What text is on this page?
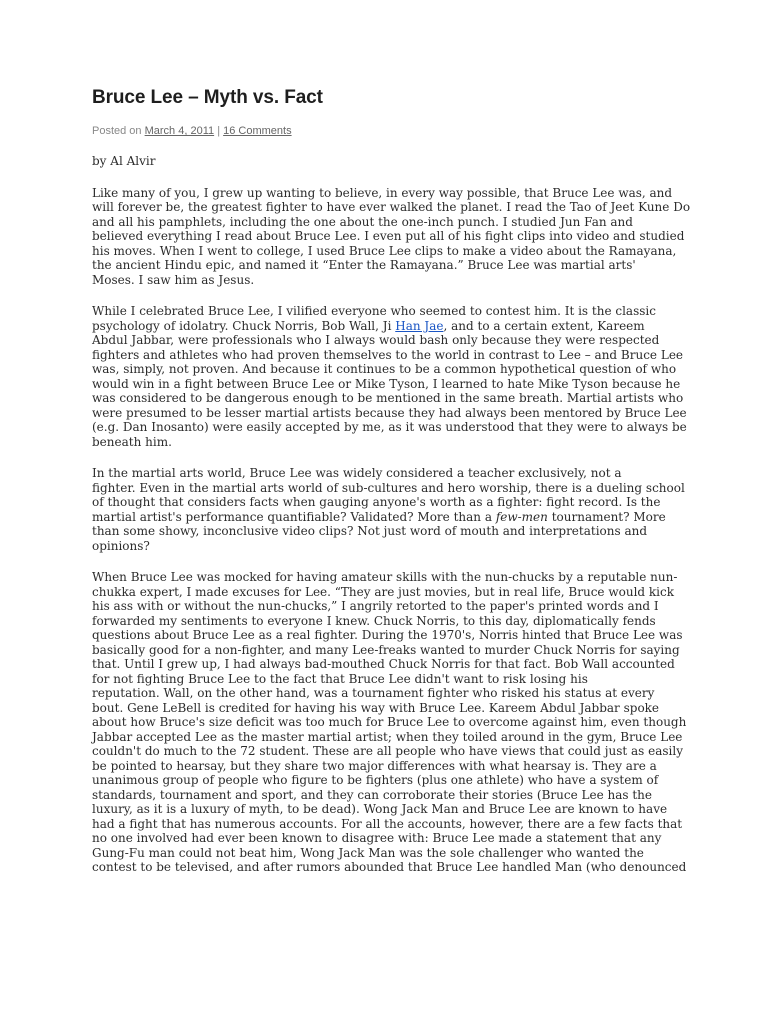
Bruce Lee – Myth vs. Fact
Posted on March 4, 2011 | 16 Comments
by Al Alvir

Like many of you, I grew up wanting to believe, in every way possible, that Bruce Lee was, and
will forever be, the greatest fighter to have ever walked the planet. I read the Tao of Jeet Kune Do
and all his pamphlets, including the one about the one-inch punch. I studied Jun Fan and
believed everything I read about Bruce Lee. I even put all of his fight clips into video and studied
his moves. When I went to college, I used Bruce Lee clips to make a video about the Ramayana,
the ancient Hindu epic, and named it “Enter the Ramayana.” Bruce Lee was martial arts'
Moses. I saw him as Jesus.

While I celebrated Bruce Lee, I vilified everyone who seemed to contest him. It is the classic
psychology of idolatry. Chuck Norris, Bob Wall, Ji Han Jae, and to a certain extent, Kareem
Abdul Jabbar, were professionals who I always would bash only because they were respected
fighters and athletes who had proven themselves to the world in contrast to Lee – and Bruce Lee
was, simply, not proven. And because it continues to be a common hypothetical question of who
would win in a fight between Bruce Lee or Mike Tyson, I learned to hate Mike Tyson because he
was considered to be dangerous enough to be mentioned in the same breath. Martial artists who
were presumed to be lesser martial artists because they had always been mentored by Bruce Lee
(e.g. Dan Inosanto) were easily accepted by me, as it was understood that they were to always be
beneath him.

In the martial arts world, Bruce Lee was widely considered a teacher exclusively, not a
fighter. Even in the martial arts world of sub-cultures and hero worship, there is a dueling school
of thought that considers facts when gauging anyone's worth as a fighter: fight record. Is the
martial artist's performance quantifiable? Validated? More than a few-men tournament? More
than some showy, inconclusive video clips? Not just word of mouth and interpretations and
opinions?

When Bruce Lee was mocked for having amateur skills with the nun-chucks by a reputable nun-
chukka expert, I made excuses for Lee. “They are just movies, but in real life, Bruce would kick
his ass with or without the nun-chucks,” I angrily retorted to the paper's printed words and I
forwarded my sentiments to everyone I knew. Chuck Norris, to this day, diplomatically fends
questions about Bruce Lee as a real fighter. During the 1970's, Norris hinted that Bruce Lee was
basically good for a non-fighter, and many Lee-freaks wanted to murder Chuck Norris for saying
that. Until I grew up, I had always bad-mouthed Chuck Norris for that fact. Bob Wall accounted
for not fighting Bruce Lee to the fact that Bruce Lee didn't want to risk losing his
reputation. Wall, on the other hand, was a tournament fighter who risked his status at every
bout. Gene LeBell is credited for having his way with Bruce Lee. Kareem Abdul Jabbar spoke
about how Bruce's size deficit was too much for Bruce Lee to overcome against him, even though
Jabbar accepted Lee as the master martial artist; when they toiled around in the gym, Bruce Lee
couldn't do much to the 72 student. These are all people who have views that could just as easily
be pointed to hearsay, but they share two major differences with what hearsay is. They are a
unanimous group of people who figure to be fighters (plus one athlete) who have a system of
standards, tournament and sport, and they can corroborate their stories (Bruce Lee has the
luxury, as it is a luxury of myth, to be dead). Wong Jack Man and Bruce Lee are known to have
had a fight that has numerous accounts. For all the accounts, however, there are a few facts that
no one involved had ever been known to disagree with: Bruce Lee made a statement that any
Gung-Fu man could not beat him, Wong Jack Man was the sole challenger who wanted the
contest to be televised, and after rumors abounded that Bruce Lee handled Man (who denounced
